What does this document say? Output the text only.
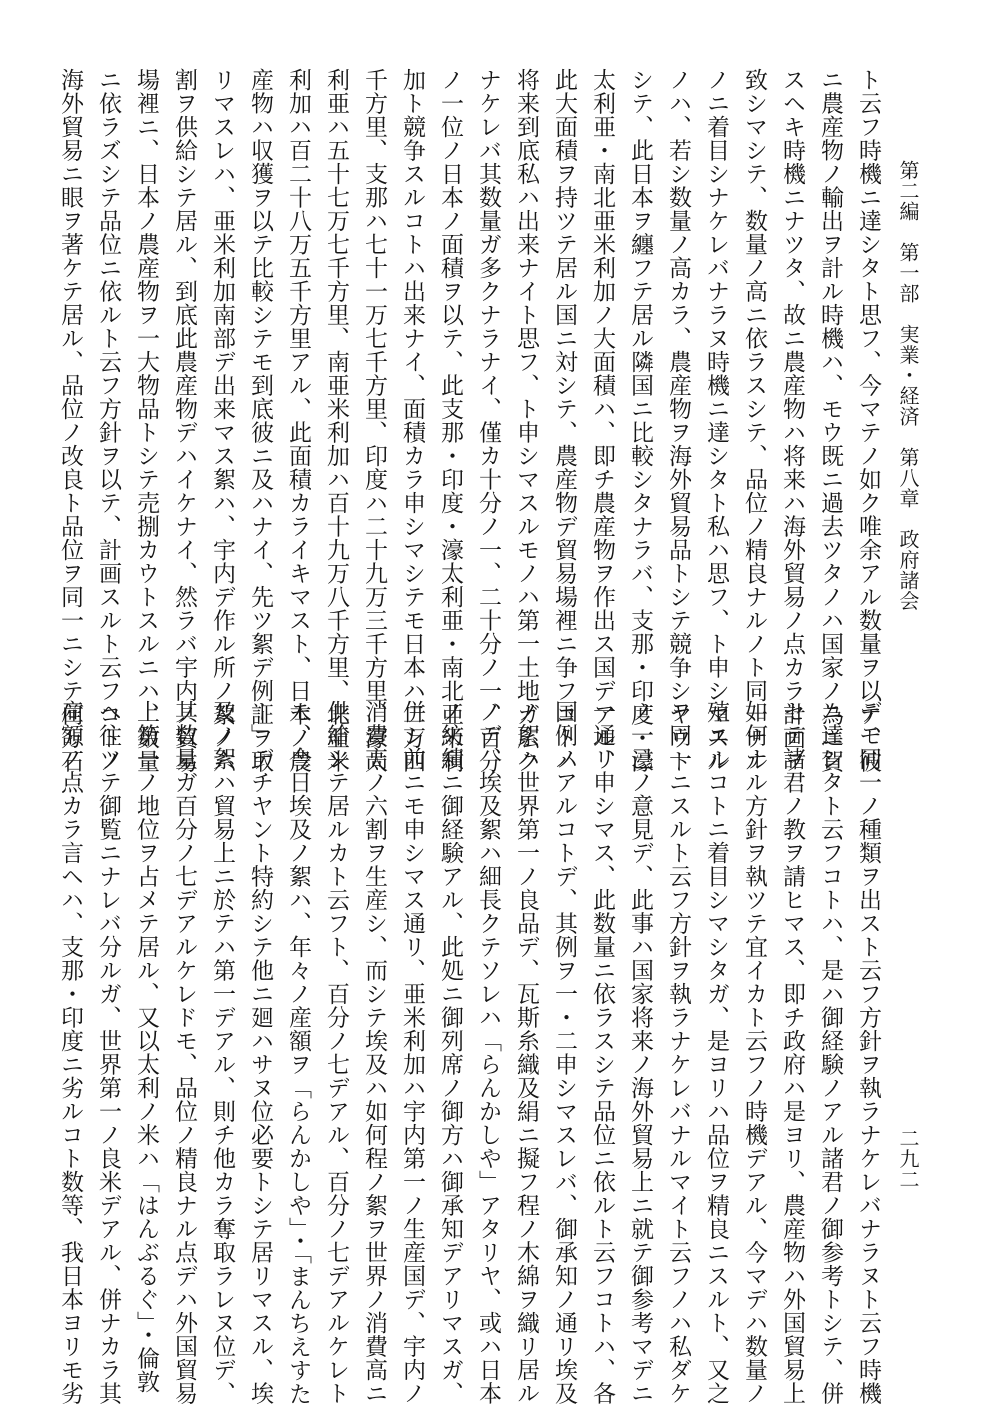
第二編　第一部　実業・経済　第八章　政府諸会
二九二
ト云フ時機ニ達シタト思フ、今マテノ如ク唯余アル数量ヲ以テ、彼
ニ農産物ノ輸出ヲ計ル時機ハ、モウ既ニ過去ツタノハ国家ノ為ニ賀
スヘキ時機ニナツタ、故ニ農産物ハ将来ハ海外貿易ノ点カラ計画ヲ
致シマシテ、数量ノ高ニ依ラスシテ、品位ノ精良ナルノト同一ナル
ノニ着目シナケレバナラヌ時機ニ達シタト私ハ思フ、ト申シマスル
ノハ、若シ数量ノ高カラ、農産物ヲ海外貿易品トシテ競争シヤウト
シテ、此日本ヲ纏フテ居ル隣国ニ比較シタナラバ、支那・印度・濠
太利亜・南北亜米利加ノ大面積ハ、即チ農産物ヲ作出ス国デアル、
此大面積ヲ持ツテ居ル国ニ対シテ、農産物デ貿易場裡ニ争フコトハ
将来到底私ハ出来ナイト思フ、ト申シマスルモノハ第一土地ガ広ク
ナケレバ其数量ガ多クナラナイ、僅カ十分ノ一、二十分ノ一、百分
ノ一位ノ日本ノ面積ヲ以テ、此支那・印度・濠太利亜・南北亜米利
加ト競争スルコトハ出来ナイ、面積カラ申シマシテモ日本ハ二万四
千方里、支那ハ七十一万七千方里、印度ハ二十九万三千方里、濠太
利亜ハ五十七万七千方里、南亜米利加ハ百十九万八千方里、北亜米
利加ハ百二十八万五千方里アル、此面積カライキマスト、日本ノ農
産物ハ収獲ヲ以テ比較シテモ到底彼ニ及ハナイ、先ツ絮デ例証ヲ取
リマスレハ、亜米利加南部デ出来マス絮ハ、宇内デ作ル所ノ絮ノ六
割ヲ供給シテ居ル、到底此農産物デハイケナイ、然ラバ宇内ノ貿易
場裡ニ、日本ノ農産物ヲ一大物品トシテ売捌カウトスルニハ、数量
ニ依ラズシテ品位ニ依ルト云フ方針ヲ以テ、計画スルト云フコトノ
海外貿易ニ眼ヲ著ケテ居ル、品位ノ改良ト品位ヲ同一ニシテ何万石
デモ同一ノ種類ヲ出スト云フ方針ヲ執ラナケレバナラヌト云フ時機
ニ達シタト云フコトハ、是ハ御経験ノアル諸君ノ御参考トシテ、併
セテ諸君ノ教ヲ請ヒマス、即チ政府ハ是ヨリ、農産物ハ外国貿易上
如何ナル方針ヲ執ツテ宜イカト云フノ時機デアル、今マデハ数量ノ
殖エルコトニ着目シマシタガ、是ヨリハ品位ヲ精良ニスルト、又之
ヲ同一ニスルト云フ方針ヲ執ラナケレバナルマイト云フノハ私ダケ
ノ一己ノ意見デ、此事ハ国家将来ノ海外貿易上ニ就テ御参考マデニ
一通リ申シマス、此数量ニ依ラスシテ品位ニ依ルト云フコトハ、各
国例ノアルコトデ、其例ヲ一・二申シマスレバ、御承知ノ通リ埃及
ノ絮ハ世界第一ノ良品デ、瓦斯糸織及絹ニ擬フ程ノ木綿ヲ織リ居ル
ノデ、埃及絮ハ細長クテソレハ「らんかしや」アタリヤ、或ハ日本
ノ紡績ニ御経験アル、此処ニ御列席ノ御方ハ御承知デアリマスガ、
併シ前ニモ申シマス通リ、亜米利加ハ宇内第一ノ生産国デ、宇内ノ
消費高ノ六割ヲ生産シ、而シテ埃及ハ如何程ノ絮ヲ世界ノ消費高ニ
供給シテ居ルカト云フト、百分ノ七デアル、百分ノ七デアルケレト
モ、今日埃及ノ絮ハ、年々ノ産額ヲ「らんかしや」・「まんちえすた
ー」デチヤント特約シテ他ニ廻ハサヌ位必要トシテ居リマスル、埃
及ノ絮ハ貿易上ニ於テハ第一デアル、則チ他カラ奪取ラレヌ位デ、
其数量ガ百分ノ七デアルケレドモ、品位ノ精良ナル点デハ外国貿易
上第一ノ地位ヲ占メテ居ル、又以太利ノ米ハ「はんぶるぐ」・倫敦
ヘ往ツテ御覧ニナレバ分ルガ、世界第一ノ良米デアル、併ナカラ其
産額ノ点カラ言ヘハ、支那・印度ニ劣ルコト数等、我日本ヨリモ劣
